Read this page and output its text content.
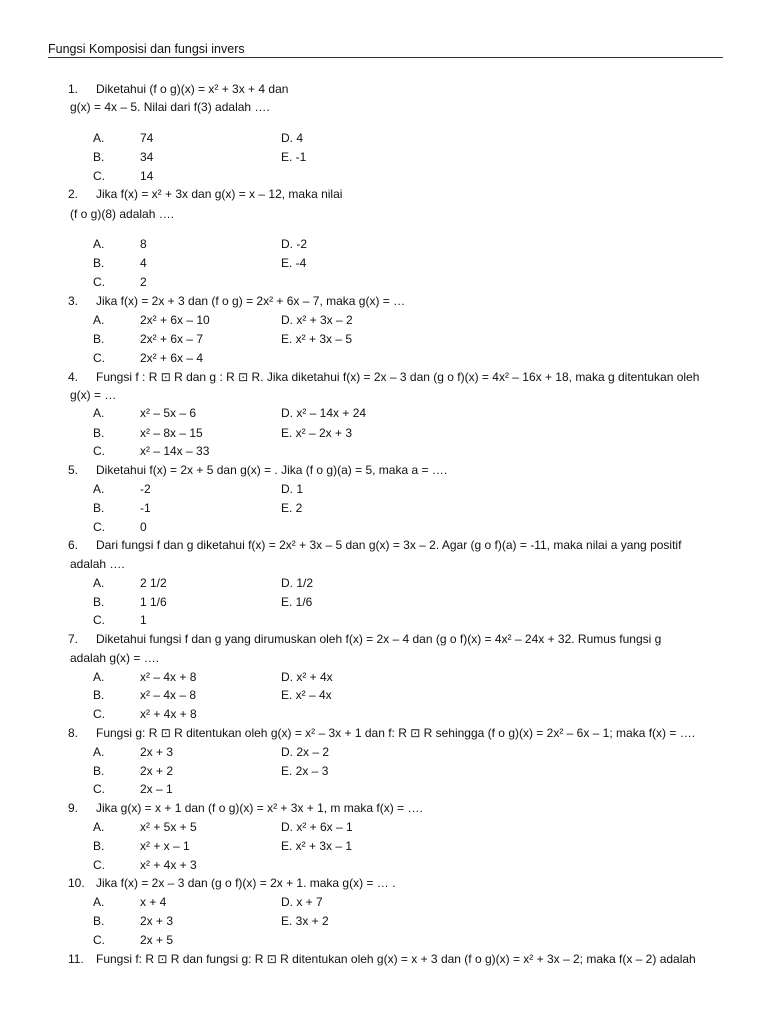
Fungsi Komposisi dan fungsi invers
1. Diketahui (f o g)(x) = x² + 3x + 4 dan
g(x) = 4x – 5. Nilai dari f(3) adalah ….
A.	74	D. 4
B.	34	E. -1
C.	14
2. Jika f(x) = x² + 3x dan g(x) = x – 12, maka nilai
(f o g)(8) adalah ….
A.	8	D. -2
B.	4	E. -4
C.	2
3. Jika f(x) = 2x + 3 dan (f o g) = 2x² + 6x – 7, maka g(x) = …
A.	2x² + 6x – 10	D. x² + 3x – 2
B.	2x² + 6x – 7	E. x² + 3x – 5
C.	2x² + 6x – 4
4. Fungsi f : R ⊡ R dan g : R ⊡ R. Jika diketahui f(x) = 2x – 3 dan (g o f)(x) = 4x² – 16x + 18, maka g ditentukan oleh
g(x) = …
A.	x² – 5x – 6	D. x² – 14x + 24
B.	x² – 8x – 15	E. x² – 2x + 3
C.	x² – 14x – 33
5. Diketahui f(x) = 2x + 5 dan g(x) = . Jika (f o g)(a) = 5, maka a = ….
A.	-2	D. 1
B.	-1	E. 2
C.	0
6. Dari fungsi f dan g diketahui f(x) = 2x² + 3x – 5 dan g(x) = 3x – 2. Agar (g o f)(a) = -11, maka nilai a yang positif
adalah ….
A.	2 1/2	D. 1/2
B.	1 1/6	E. 1/6
C.	1
7. Diketahui fungsi f dan g yang dirumuskan oleh f(x) = 2x – 4 dan (g o f)(x) = 4x² – 24x + 32. Rumus fungsi g
adalah g(x) = ….
A.	x² – 4x + 8	D. x² + 4x
B.	x² – 4x – 8	E. x² – 4x
C.	x² + 4x + 8
8. Fungsi g: R ⊡ R ditentukan oleh g(x) = x² – 3x + 1 dan f: R ⊡ R sehingga (f o g)(x) = 2x² – 6x – 1; maka f(x) = ….
A.	2x + 3	D. 2x – 2
B.	2x + 2	E. 2x – 3
C.	2x – 1
9. Jika g(x) = x + 1 dan (f o g)(x) = x² + 3x + 1, m maka f(x) = ….
A.	x² + 5x + 5	D. x² + 6x – 1
B.	x² + x – 1	E. x² + 3x – 1
C.	x² + 4x + 3
10. Jika f(x) = 2x – 3 dan (g o f)(x) = 2x + 1. maka g(x) = … .
A.	x + 4	D. x + 7
B.	2x + 3	E. 3x + 2
C.	2x + 5
11. Fungsi f: R ⊡ R dan fungsi g: R ⊡ R ditentukan oleh g(x) = x + 3 dan (f o g)(x) = x² + 3x – 2; maka f(x – 2) adalah
